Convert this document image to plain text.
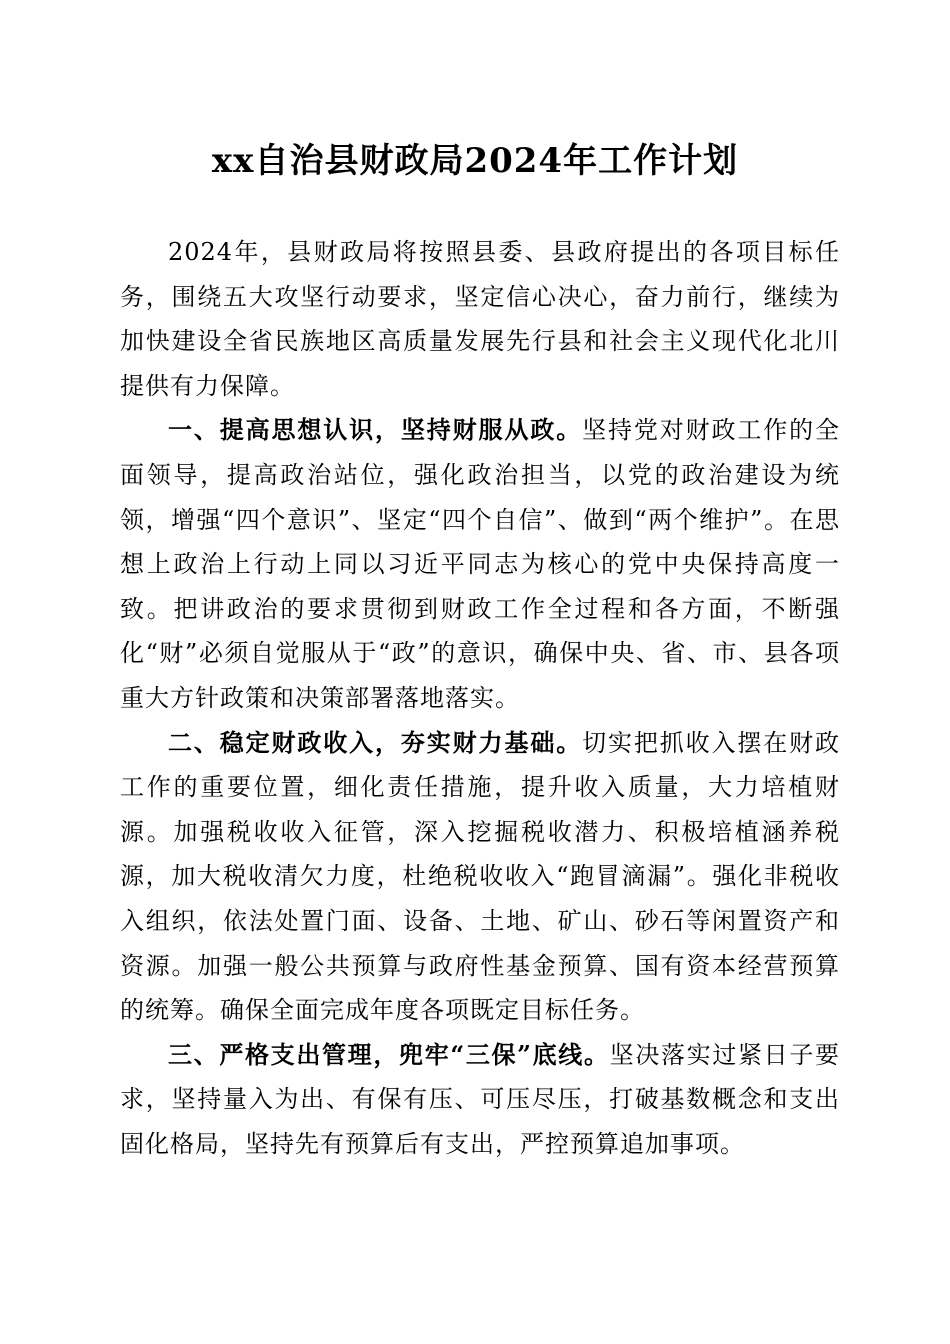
xx自治县财政局2024年工作计划

2024年，县财政局将按照县委、县政府提出的各项目标任务，围绕五大攻坚行动要求，坚定信心决心，奋力前行，继续为加快建设全省民族地区高质量发展先行县和社会主义现代化北川提供有力保障。

一、提高思想认识，坚持财服从政。坚持党对财政工作的全面领导，提高政治站位，强化政治担当，以党的政治建设为统领，增强“四个意识”、坚定“四个自信”、做到“两个维护”。在思想上政治上行动上同以习近平同志为核心的党中央保持高度一致。把讲政治的要求贯彻到财政工作全过程和各方面，不断强化“财”必须自觉服从于“政”的意识，确保中央、省、市、县各项重大方针政策和决策部署落地落实。

二、稳定财政收入，夯实财力基础。切实把抓收入摆在财政工作的重要位置，细化责任措施，提升收入质量，大力培植财源。加强税收收入征管，深入挖掘税收潜力、积极培植涵养税源，加大税收清欠力度，杜绝税收收入“跑冒滴漏”。强化非税收入组织，依法处置门面、设备、土地、矿山、砂石等闲置资产和资源。加强一般公共预算与政府性基金预算、国有资本经营预算的统筹。确保全面完成年度各项既定目标任务。

三、严格支出管理，兜牢“三保”底线。坚决落实过紧日子要求，坚持量入为出、有保有压、可压尽压，打破基数概念和支出固化格局，坚持先有预算后有支出，严控预算追加事项。
